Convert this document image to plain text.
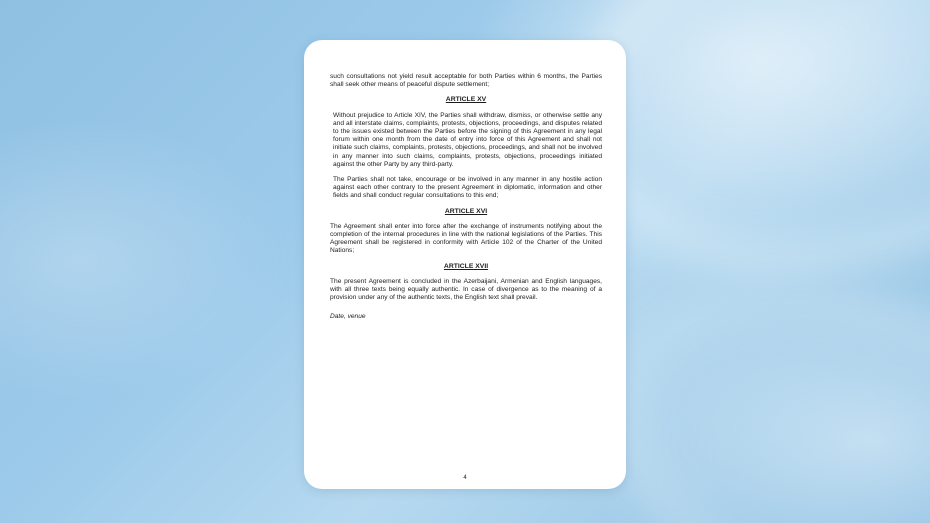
such consultations not yield result acceptable for both Parties within 6 months, the Parties shall seek other means of peaceful dispute settlement;

ARTICLE XV

Without prejudice to Article XIV, the Parties shall withdraw, dismiss, or otherwise settle any and all interstate claims, complaints, protests, objections, proceedings, and disputes related to the issues existed between the Parties before the signing of this Agreement in any legal forum within one month from the date of entry into force of this Agreement and shall not initiate such claims, complaints, protests, objections, proceedings, and shall not be involved in any manner into such claims, complaints, protests, objections, proceedings initiated against the other Party by any third-party.

The Parties shall not take, encourage or be involved in any manner in any hostile action against each other contrary to the present Agreement in diplomatic, information and other fields and shall conduct regular consultations to this end;

ARTICLE XVI

The Agreement shall enter into force after the exchange of instruments notifying about the completion of the internal procedures in line with the national legislations of the Parties. This Agreement shall be registered in conformity with Article 102 of the Charter of the United Nations;

ARTICLE XVII

The present Agreement is concluded in the Azerbaijani, Armenian and English languages, with all three texts being equally authentic. In case of divergence as to the meaning of a provision under any of the authentic texts, the English text shall prevail.

Date, venue

4
